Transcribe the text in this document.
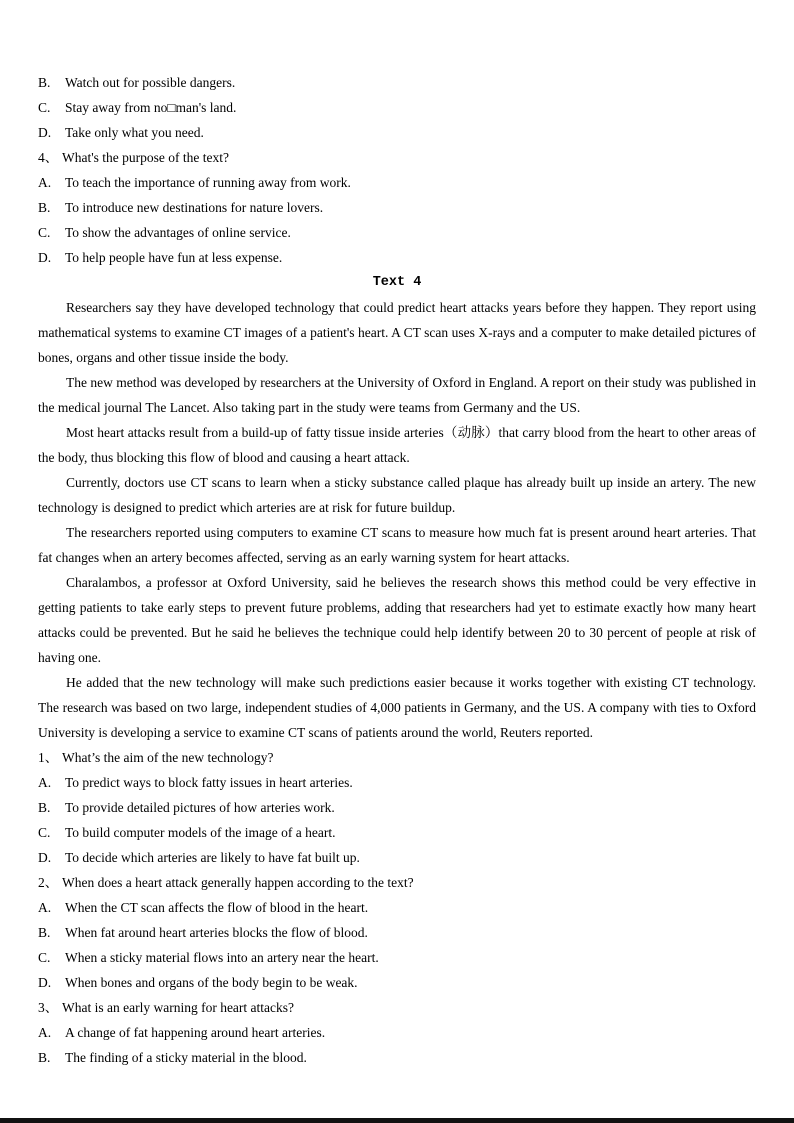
B.	Watch out for possible dangers.
C.	Stay away from no□man's land.
D.	Take only what you need.
4、 What's the purpose of the text?
A.	To teach the importance of running away from work.
B.	To introduce new destinations for nature lovers.
C.	To show the advantages of online service.
D.	To help people have fun at less expense.
Text 4

Researchers say they have developed technology that could predict heart attacks years before they happen. They report using mathematical systems to examine CT images of a patient's heart. A CT scan uses X-rays and a computer to make detailed pictures of bones, organs and other tissue inside the body.

The new method was developed by researchers at the University of Oxford in England. A report on their study was published in the medical journal The Lancet. Also taking part in the study were teams from Germany and the US.

Most heart attacks result from a build-up of fatty tissue inside arteries（动脉）that carry blood from the heart to other areas of the body, thus blocking this flow of blood and causing a heart attack.

Currently, doctors use CT scans to learn when a sticky substance called plaque has already built up inside an artery. The new technology is designed to predict which arteries are at risk for future buildup.

The researchers reported using computers to examine CT scans to measure how much fat is present around heart arteries. That fat changes when an artery becomes affected, serving as an early warning system for heart attacks.

Charalambos, a professor at Oxford University, said he believes the research shows this method could be very effective in getting patients to take early steps to prevent future problems, adding that researchers had yet to estimate exactly how many heart attacks could be prevented. But he said he believes the technique could help identify between 20 to 30 percent of people at risk of having one.

He added that the new technology will make such predictions easier because it works together with existing CT technology. The research was based on two large, independent studies of 4,000 patients in Germany, and the US. A company with ties to Oxford University is developing a service to examine CT scans of patients around the world, Reuters reported.

1、 What’s the aim of the new technology?
A.	To predict ways to block fatty issues in heart arteries.
B.	To provide detailed pictures of how arteries work.
C.	To build computer models of the image of a heart.
D.	To decide which arteries are likely to have fat built up.
2、 When does a heart attack generally happen according to the text?
A.	When the CT scan affects the flow of blood in the heart.
B.	When fat around heart arteries blocks the flow of blood.
C.	When a sticky material flows into an artery near the heart.
D.	When bones and organs of the body begin to be weak.
3、 What is an early warning for heart attacks?
A.	A change of fat happening around heart arteries.
B.	The finding of a sticky material in the blood.
